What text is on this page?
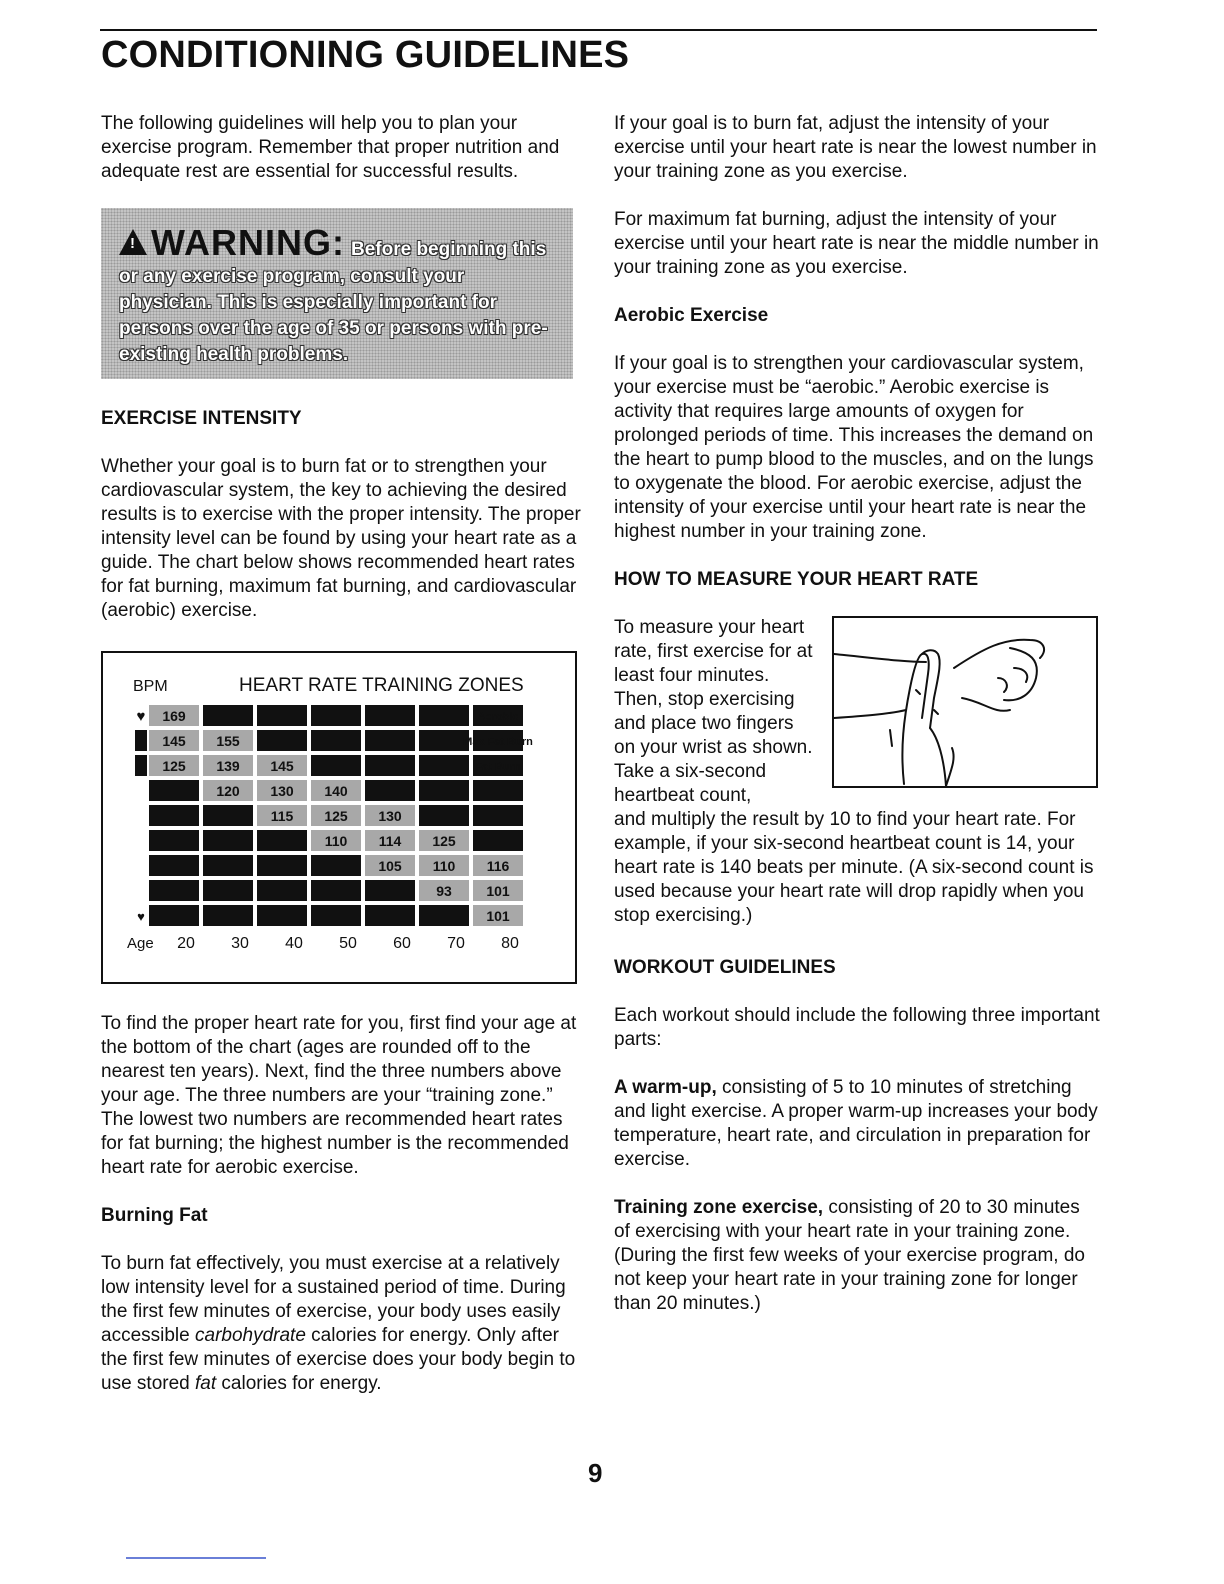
CONDITIONING GUIDELINES

The following guidelines will help you to plan your exercise program. Remember that proper nutrition and adequate rest are essential for successful results.

! WARNING: Before beginning this
or any exercise program, consult your physician. This is especially important for persons over the age of 35 or persons with pre-existing health problems.
EXERCISE INTENSITY

Whether your goal is to burn fat or to strengthen your cardiovascular system, the key to achieving the desired results is to exercise with the proper intensity. The proper intensity level can be found by using your heart rate as a guide. The chart below shows recommended heart rates for fat burning, maximum fat burning, and cardiovascular (aerobic) exercise.

BPM	HEART RATE TRAINING ZONES
♥
♥
169
145 155
125 139 145
120 130 140
115 125 130
110 114 125
105 110 116
93 101
101
Aerobic
Max Fat Burn
Fat Burn
Age 20 30 40 50 60 70 80

To find the proper heart rate for you, first find your age at the bottom of the chart (ages are rounded off to the nearest ten years). Next, find the three numbers above your age. The three numbers are your “training zone.” The lowest two numbers are recommended heart rates for fat burning; the highest number is the recommended heart rate for aerobic exercise.

Burning Fat

To burn fat effectively, you must exercise at a relatively low intensity level for a sustained period of time. During the first few minutes of exercise, your body uses easily accessible carbohydrate calories for energy. Only after the first few minutes of exercise does your body begin to use stored fat calories for energy.

If your goal is to burn fat, adjust the intensity of your exercise until your heart rate is near the lowest number in your training zone as you exercise.

For maximum fat burning, adjust the intensity of your exercise until your heart rate is near the middle number in your training zone as you exercise.

Aerobic Exercise

If your goal is to strengthen your cardiovascular system, your exercise must be “aerobic.” Aerobic exercise is activity that requires large amounts of oxygen for prolonged periods of time. This increases the demand on the heart to pump blood to the muscles, and on the lungs to oxygenate the blood. For aerobic exercise, adjust the intensity of your exercise until your heart rate is near the highest number in your training zone.

HOW TO MEASURE YOUR HEART RATE

To measure your heart rate, first exercise for at least four minutes. Then, stop exercising and place two fingers on your wrist as shown. Take a six-second heartbeat count,

and multiply the result by 10 to find your heart rate. For example, if your six-second heartbeat count is 14, your heart rate is 140 beats per minute. (A six-second count is used because your heart rate will drop rapidly when you stop exercising.)

WORKOUT GUIDELINES

Each workout should include the following three important parts:

A warm-up, consisting of 5 to 10 minutes of stretching and light exercise. A proper warm-up increases your body temperature, heart rate, and circulation in preparation for exercise.

Training zone exercise, consisting of 20 to 30 minutes of exercising with your heart rate in your training zone. (During the first few weeks of your exercise program, do not keep your heart rate in your training zone for longer than 20 minutes.)

9
